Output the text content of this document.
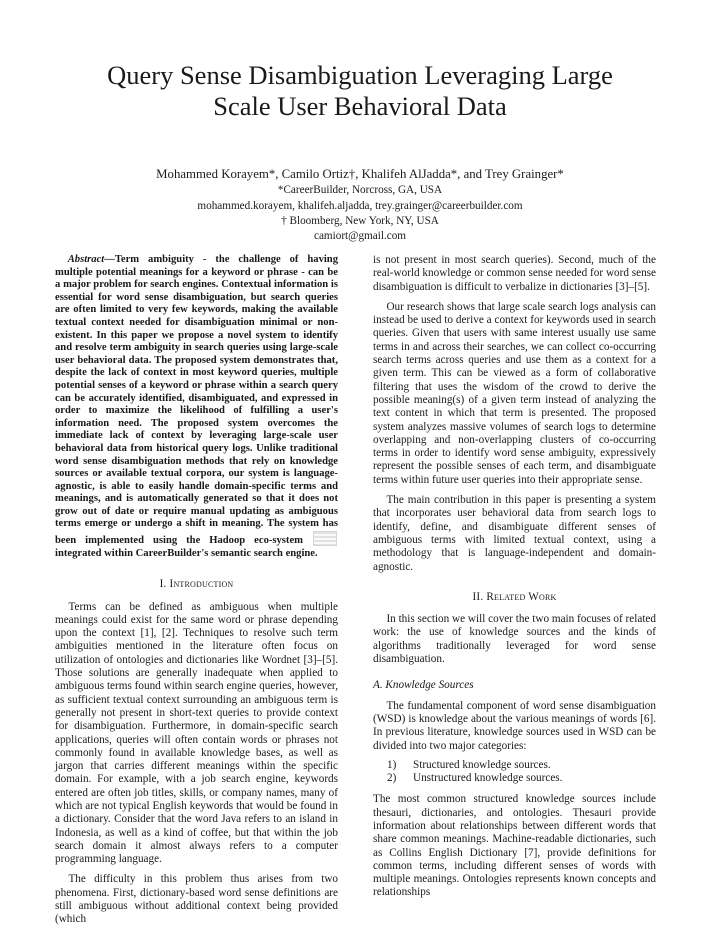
Query Sense Disambiguation Leveraging Large
Scale User Behavioral Data
Mohammed Korayem*, Camilo Ortiz†, Khalifeh AlJadda*, and Trey Grainger*
*CareerBuilder, Norcross, GA, USA
mohammed.korayem, khalifeh.aljadda, trey.grainger@careerbuilder.com
† Bloomberg, New York, NY, USA
camiort@gmail.com

Abstract—Term ambiguity - the challenge of having multiple potential meanings for a keyword or phrase - can be a major problem for search engines. Contextual information is essential for word sense disambiguation, but search queries are often limited to very few keywords, making the available textual context needed for disambiguation minimal or non-existent. In this paper we propose a novel system to identify and resolve term ambiguity in search queries using large-scale user behavioral data. The proposed system demonstrates that, despite the lack of context in most keyword queries, multiple potential senses of a keyword or phrase within a search query can be accurately identified, disambiguated, and expressed in order to maximize the likelihood of fulfilling a user's information need. The proposed system overcomes the immediate lack of context by leveraging large-scale user behavioral data from historical query logs. Unlike traditional word sense disambiguation methods that rely on knowledge sources or available textual corpora, our system is language-agnostic, is able to easily handle domain-specific terms and meanings, and is automatically generated so that it does not grow out of date or require manual updating as ambiguous terms emerge or undergo a shift in meaning. The system has been implemented using the Hadoop eco-system  integrated within CareerBuilder's semantic search engine.

I. Introduction

Terms can be defined as ambiguous when multiple meanings could exist for the same word or phrase depending upon the context [1], [2]. Techniques to resolve such term ambiguities mentioned in the literature often focus on utilization of ontologies and dictionaries like Wordnet [3]–[5]. Those solutions are generally inadequate when applied to ambiguous terms found within search engine queries, however, as sufficient textual context surrounding an ambiguous term is generally not present in short-text queries to provide context for disambiguation. Furthermore, in domain-specific search applications, queries will often contain words or phrases not commonly found in available knowledge bases, as well as jargon that carries different meanings within the specific domain. For example, with a job search engine, keywords entered are often job titles, skills, or company names, many of which are not typical English keywords that would be found in a dictionary. Consider that the word Java refers to an island in Indonesia, as well as a kind of coffee, but that within the job search domain it almost always refers to a computer programming language.

The difficulty in this problem thus arises from two phenomena. First, dictionary-based word sense definitions are still ambiguous without additional context being provided (which

is not present in most search queries). Second, much of the real-world knowledge or common sense needed for word sense disambiguation is difficult to verbalize in dictionaries [3]–[5].

Our research shows that large scale search logs analysis can instead be used to derive a context for keywords used in search queries. Given that users with same interest usually use same terms in and across their searches, we can collect co-occurring search terms across queries and use them as a context for a given term. This can be viewed as a form of collaborative filtering that uses the wisdom of the crowd to derive the possible meaning(s) of a given term instead of analyzing the text content in which that term is presented. The proposed system analyzes massive volumes of search logs to determine overlapping and non-overlapping clusters of co-occurring terms in order to identify word sense ambiguity, expressively represent the possible senses of each term, and disambiguate terms within future user queries into their appropriate sense.

The main contribution in this paper is presenting a system that incorporates user behavioral data from search logs to identify, define, and disambiguate different senses of ambiguous terms with limited textual context, using a methodology that is language-independent and domain-agnostic.

II. Related Work

In this section we will cover the two main focuses of related work: the use of knowledge sources and the kinds of algorithms traditionally leveraged for word sense disambiguation.

A. Knowledge Sources

The fundamental component of word sense disambiguation (WSD) is knowledge about the various meanings of words [6]. In previous literature, knowledge sources used in WSD can be divided into two major categories:

1)	Structured knowledge sources.
2)	Unstructured knowledge sources.

The most common structured knowledge sources include thesauri, dictionaries, and ontologies. Thesauri provide information about relationships between different words that share common meanings. Machine-readable dictionaries, such as Collins English Dictionary [7], provide definitions for common terms, including different senses of words with multiple meanings. Ontologies represents known concepts and relationships
